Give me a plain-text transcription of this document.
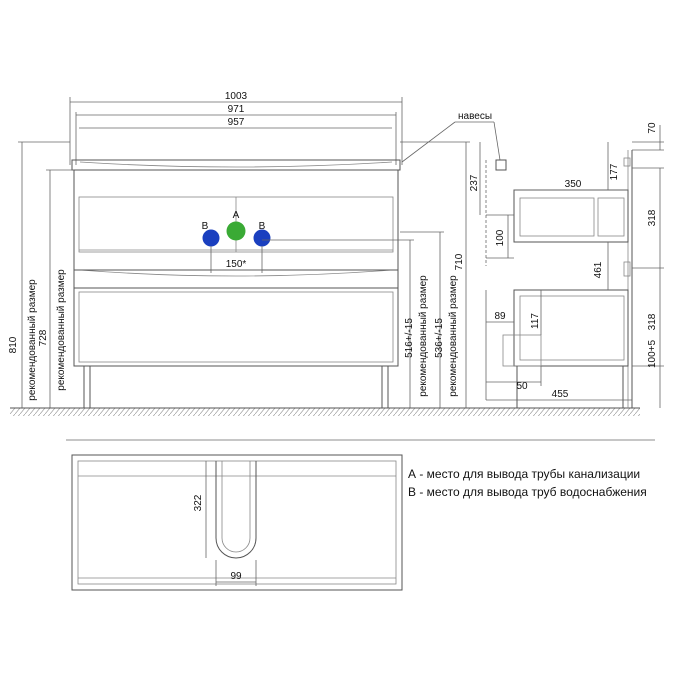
1003
971
957
B
A
B
150*
810 рекомендованный размер 728 рекомендованный размер	516+/-15 рекомендованный размер 536+/-15 рекомендованный размер
710
навесы
237
100
350
177
70
318
461
318
100+5
89 117
50
455
322
99
А - место для вывода трубы канализации
В - место для вывода труб водоснабжения
